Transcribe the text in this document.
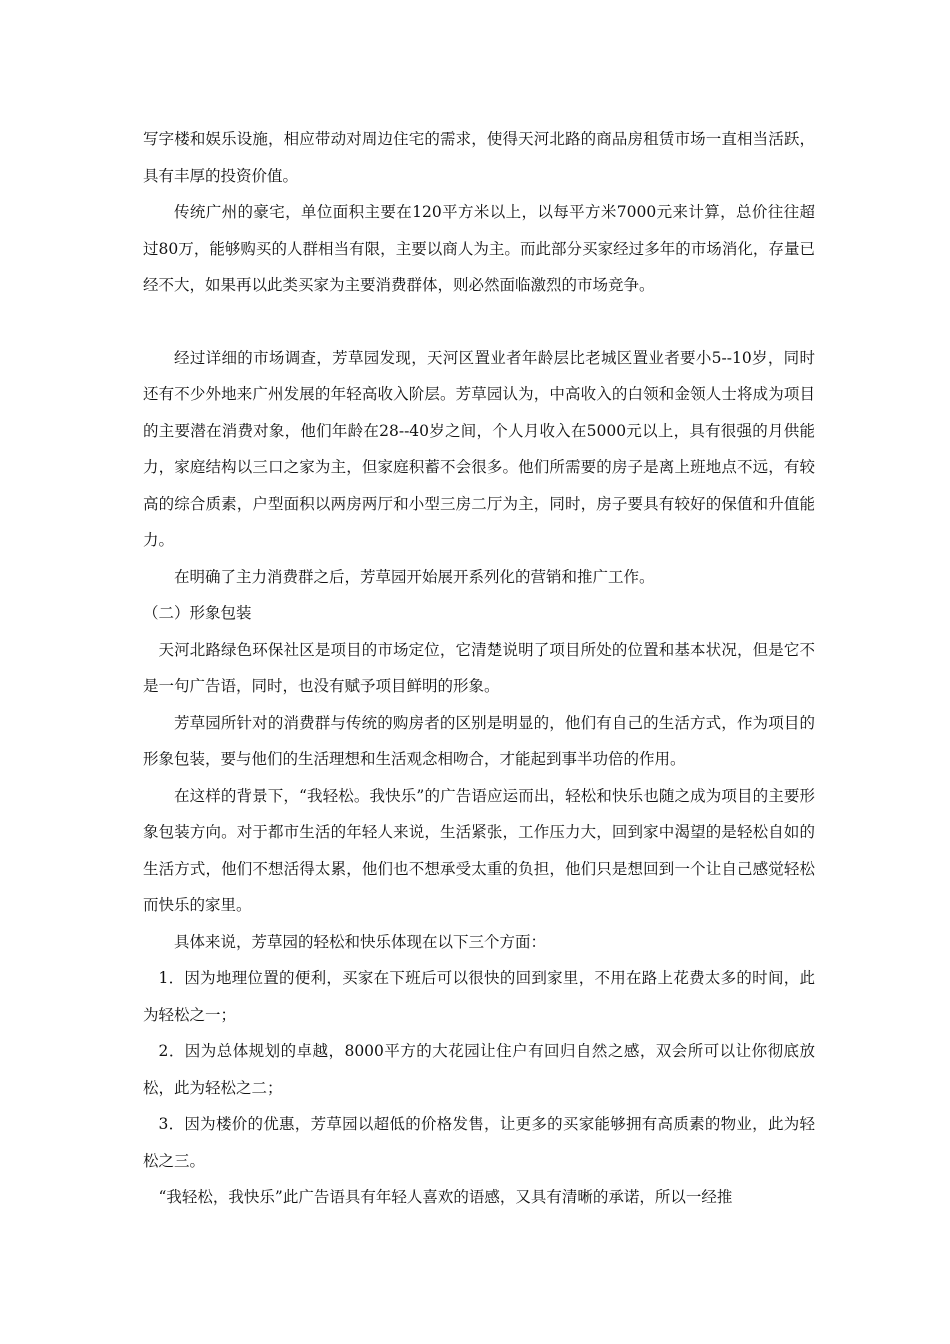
写字楼和娱乐设施，相应带动对周边住宅的需求，使得天河北路的商品房租赁市场一直相当活跃，具有丰厚的投资价值。

传统广州的豪宅，单位面积主要在120平方米以上，以每平方米7000元来计算，总价往往超过80万，能够购买的人群相当有限，主要以商人为主。而此部分买家经过多年的市场消化，存量已经不大，如果再以此类买家为主要消费群体，则必然面临激烈的市场竞争。

经过详细的市场调查，芳草园发现，天河区置业者年龄层比老城区置业者要小5--10岁，同时还有不少外地来广州发展的年轻高收入阶层。芳草园认为，中高收入的白领和金领人士将成为项目的主要潜在消费对象，他们年龄在28--40岁之间，个人月收入在5000元以上，具有很强的月供能力，家庭结构以三口之家为主，但家庭积蓄不会很多。他们所需要的房子是离上班地点不远，有较高的综合质素，户型面积以两房两厅和小型三房二厅为主，同时，房子要具有较好的保值和升值能力。

在明确了主力消费群之后，芳草园开始展开系列化的营销和推广工作。

（二）形象包装

天河北路绿色环保社区是项目的市场定位，它清楚说明了项目所处的位置和基本状况，但是它不是一句广告语，同时，也没有赋予项目鲜明的形象。

芳草园所针对的消费群与传统的购房者的区别是明显的，他们有自己的生活方式，作为项目的形象包装，要与他们的生活理想和生活观念相吻合，才能起到事半功倍的作用。

在这样的背景下，“我轻松。我快乐”的广告语应运而出，轻松和快乐也随之成为项目的主要形象包装方向。对于都市生活的年轻人来说，生活紧张，工作压力大，回到家中渴望的是轻松自如的生活方式，他们不想活得太累，他们也不想承受太重的负担，他们只是想回到一个让自己感觉轻松而快乐的家里。

具体来说，芳草园的轻松和快乐体现在以下三个方面：

1．因为地理位置的便利，买家在下班后可以很快的回到家里，不用在路上花费太多的时间，此为轻松之一；

2．因为总体规划的卓越，8000平方的大花园让住户有回归自然之感，双会所可以让你彻底放松，此为轻松之二；

3．因为楼价的优惠，芳草园以超低的价格发售，让更多的买家能够拥有高质素的物业，此为轻松之三。

“我轻松，我快乐”此广告语具有年轻人喜欢的语感，又具有清晰的承诺，所以一经推
